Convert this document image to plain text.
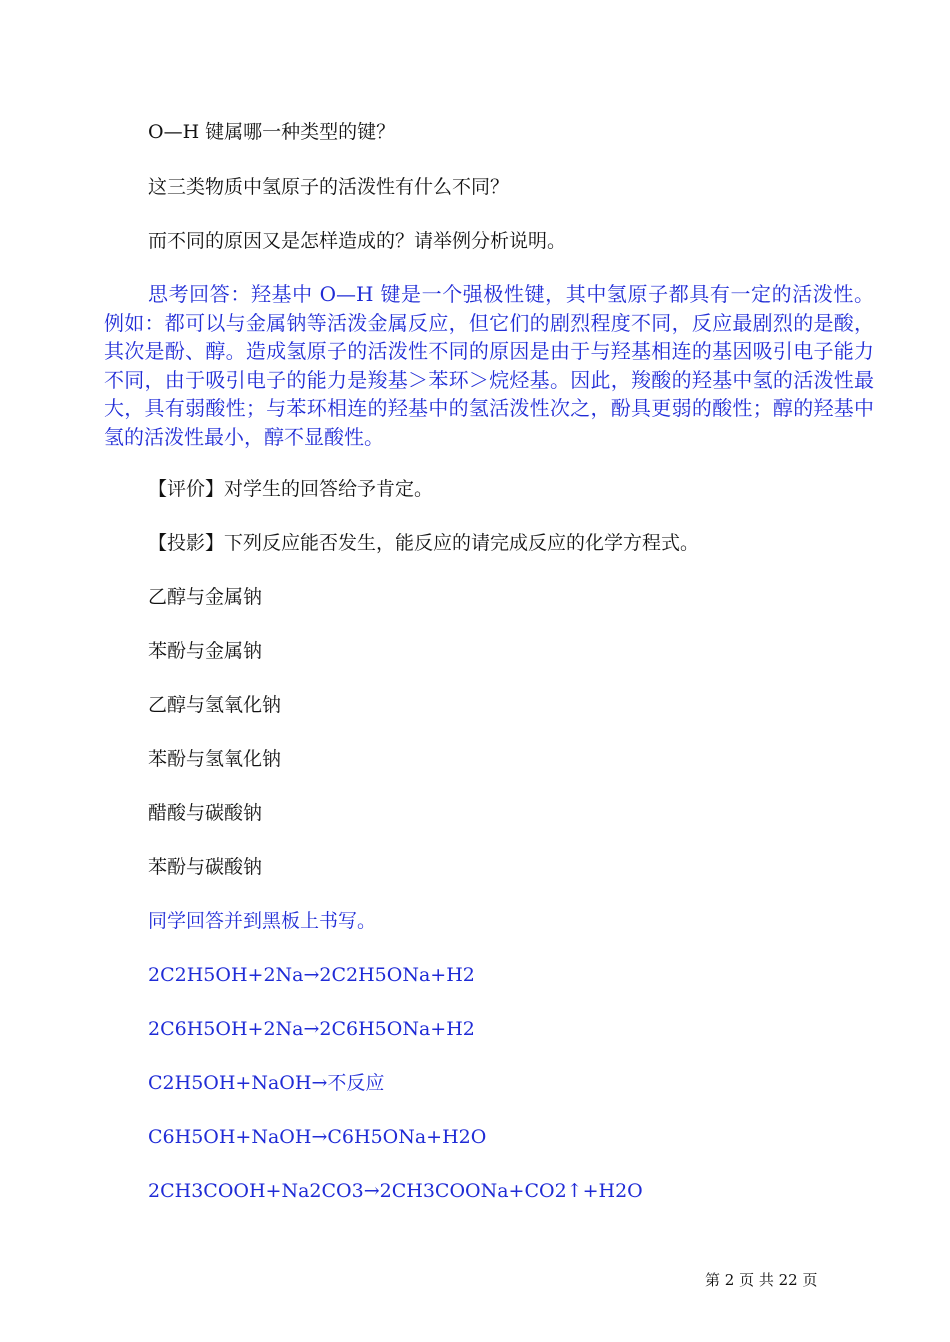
O—H 键属哪一种类型的键？
这三类物质中氢原子的活泼性有什么不同？
而不同的原因又是怎样造成的？请举例分析说明。
思考回答：羟基中 O—H 键是一个强极性键，其中氢原子都具有一定的活泼性。例如：都可以与金属钠等活泼金属反应，但它们的剧烈程度不同，反应最剧烈的是酸，其次是酚、醇。造成氢原子的活泼性不同的原因是由于与羟基相连的基因吸引电子能力不同，由于吸引电子的能力是羧基＞苯环＞烷烃基。因此，羧酸的羟基中氢的活泼性最大，具有弱酸性；与苯环相连的羟基中的氢活泼性次之，酚具更弱的酸性；醇的羟基中氢的活泼性最小，醇不显酸性。
【评价】对学生的回答给予肯定。
【投影】下列反应能否发生，能反应的请完成反应的化学方程式。
乙醇与金属钠
苯酚与金属钠
乙醇与氢氧化钠
苯酚与氢氧化钠
醋酸与碳酸钠
苯酚与碳酸钠
同学回答并到黑板上书写。
2C2H5OH+2Na→2C2H5ONa+H2
2C6H5OH+2Na→2C6H5ONa+H2
C2H5OH+NaOH→不反应
C6H5OH+NaOH→C6H5ONa+H2O
2CH3COOH+Na2CO3→2CH3COONa+CO2↑+H2O
第 2 页 共 22 页
